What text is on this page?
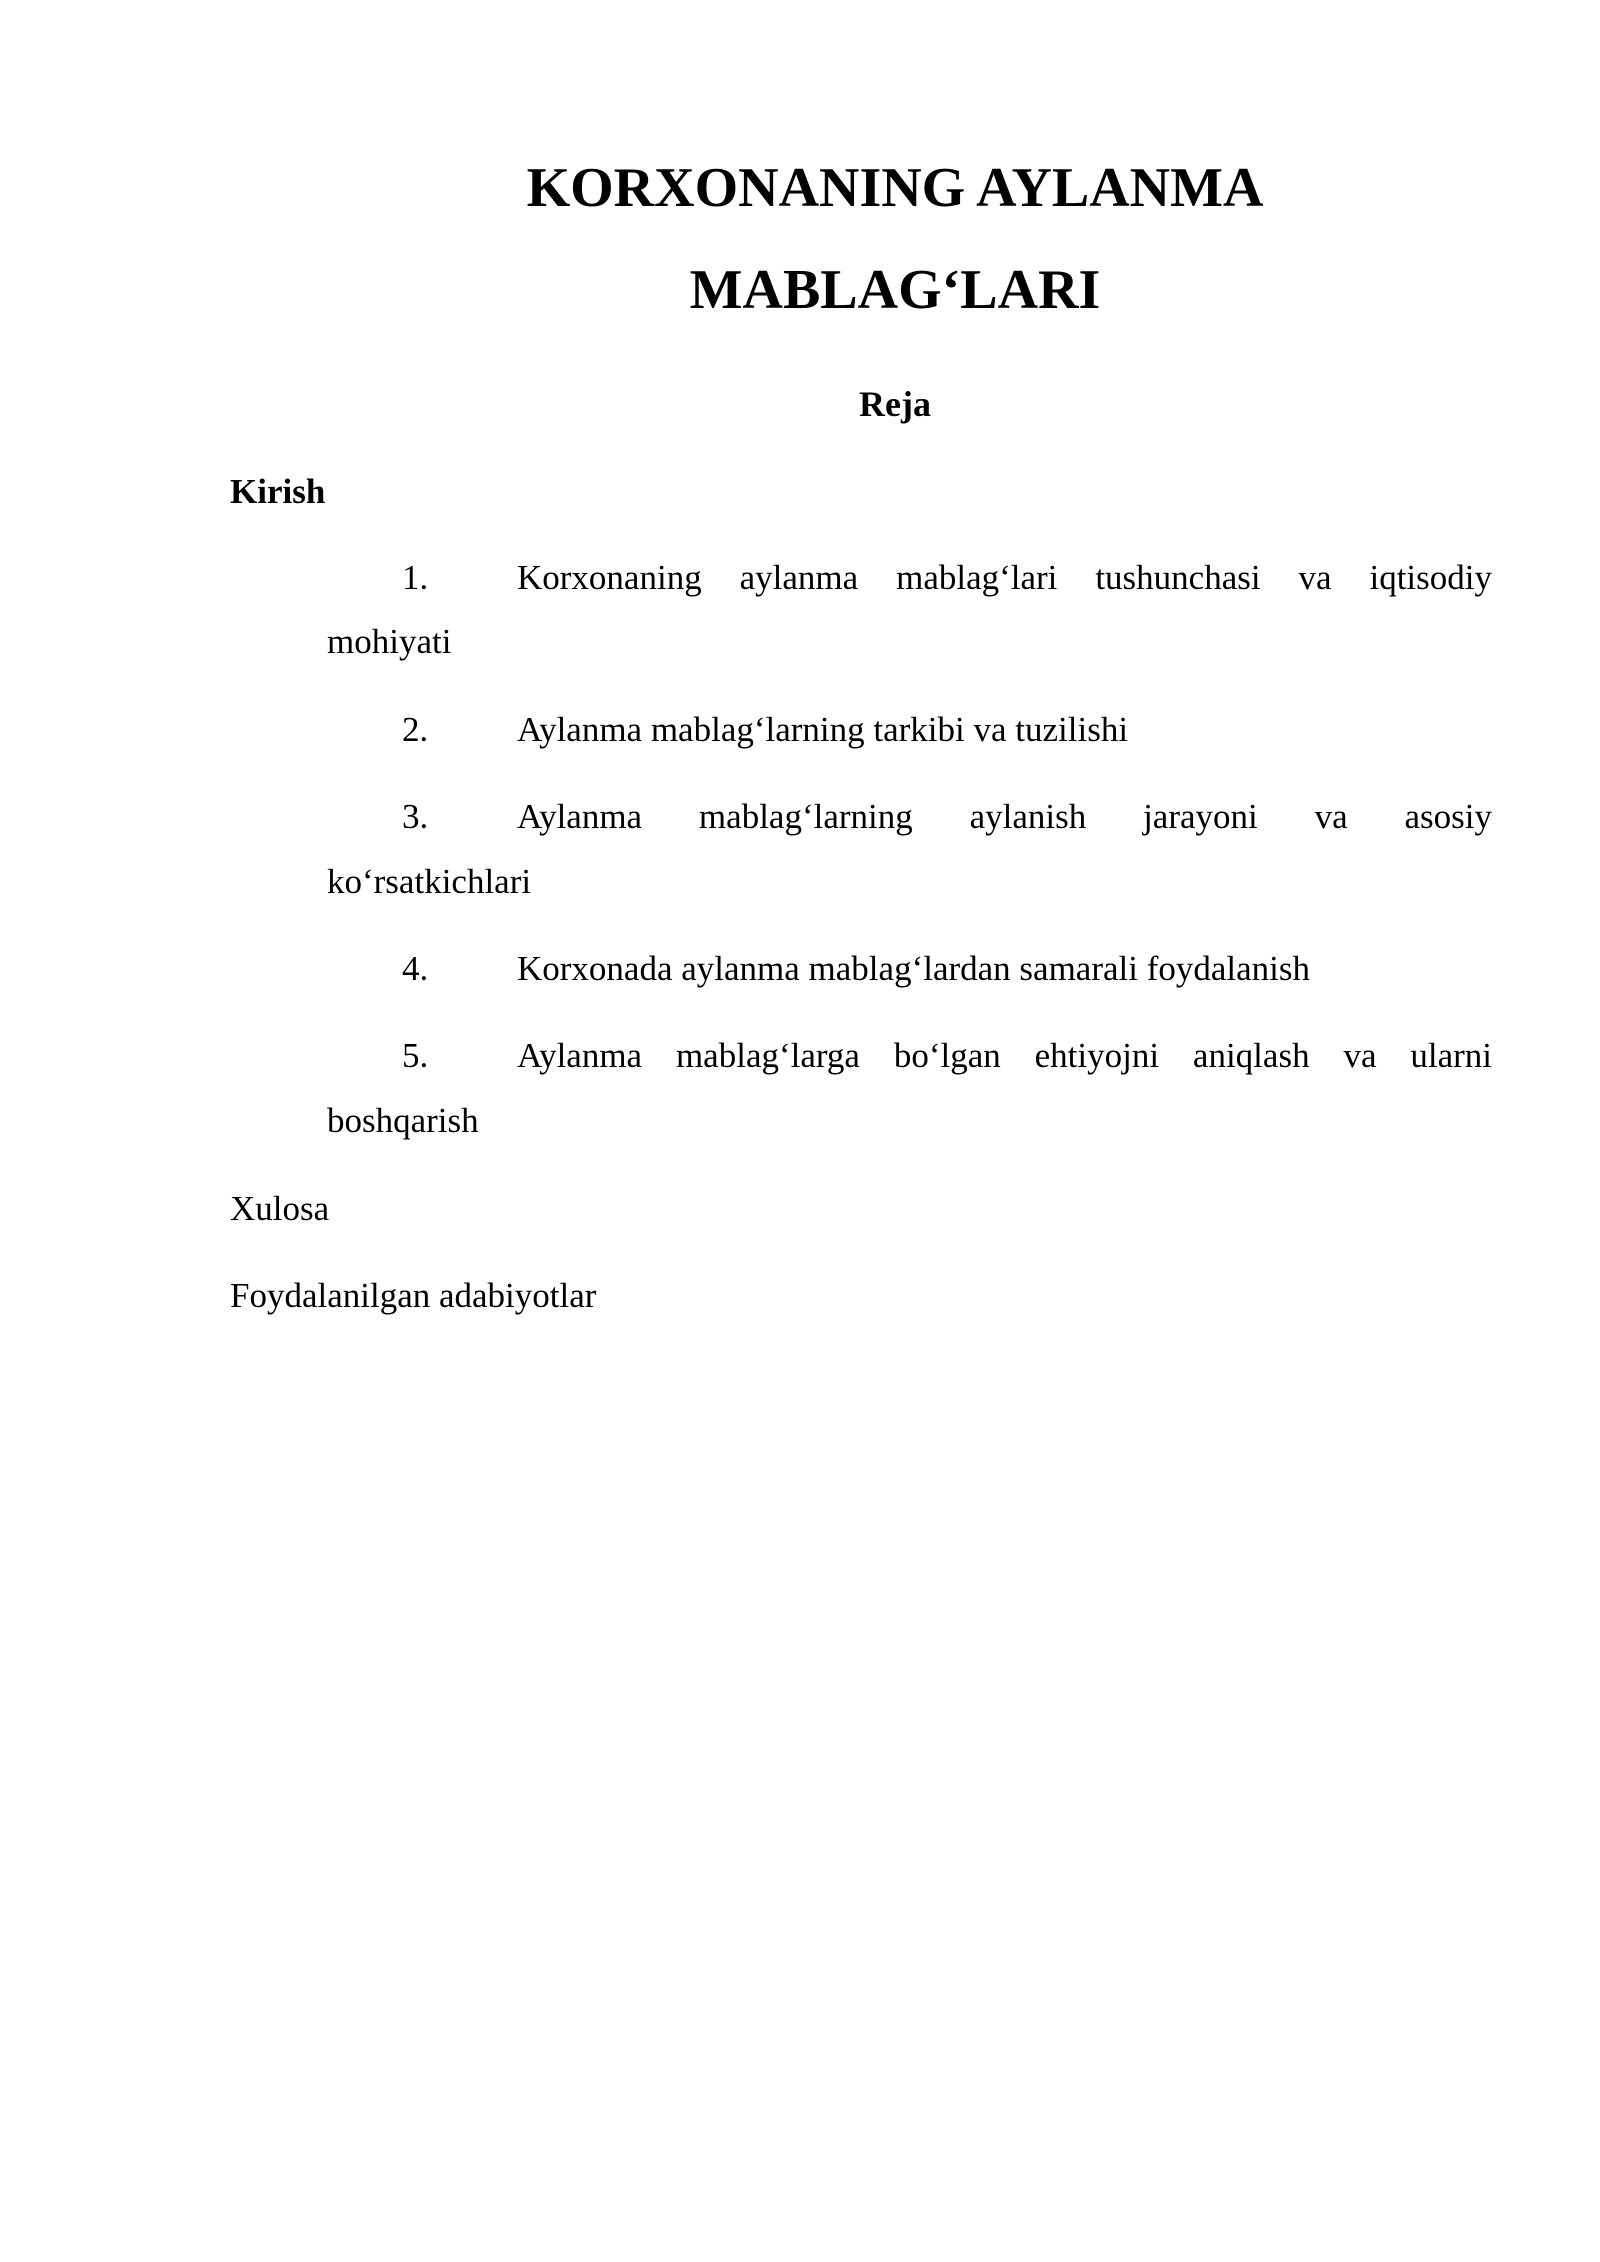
KORXONANING AYLANMA
MABLAG‘LARI
Reja
Kirish
1.	Korxonaning aylanma mablag‘lari tushunchasi va iqtisodiy
mohiyati
2.	Aylanma mablag‘larning tarkibi va tuzilishi
3.	Aylanma mablag‘larning aylanish jarayoni va asosiy
ko‘rsatkichlari
4.	Korxonada aylanma mablag‘lardan samarali foydalanish
5.	Aylanma mablag‘larga bo‘lgan ehtiyojni aniqlash va ularni
boshqarish
Xulosa
Foydalanilgan adabiyotlar
